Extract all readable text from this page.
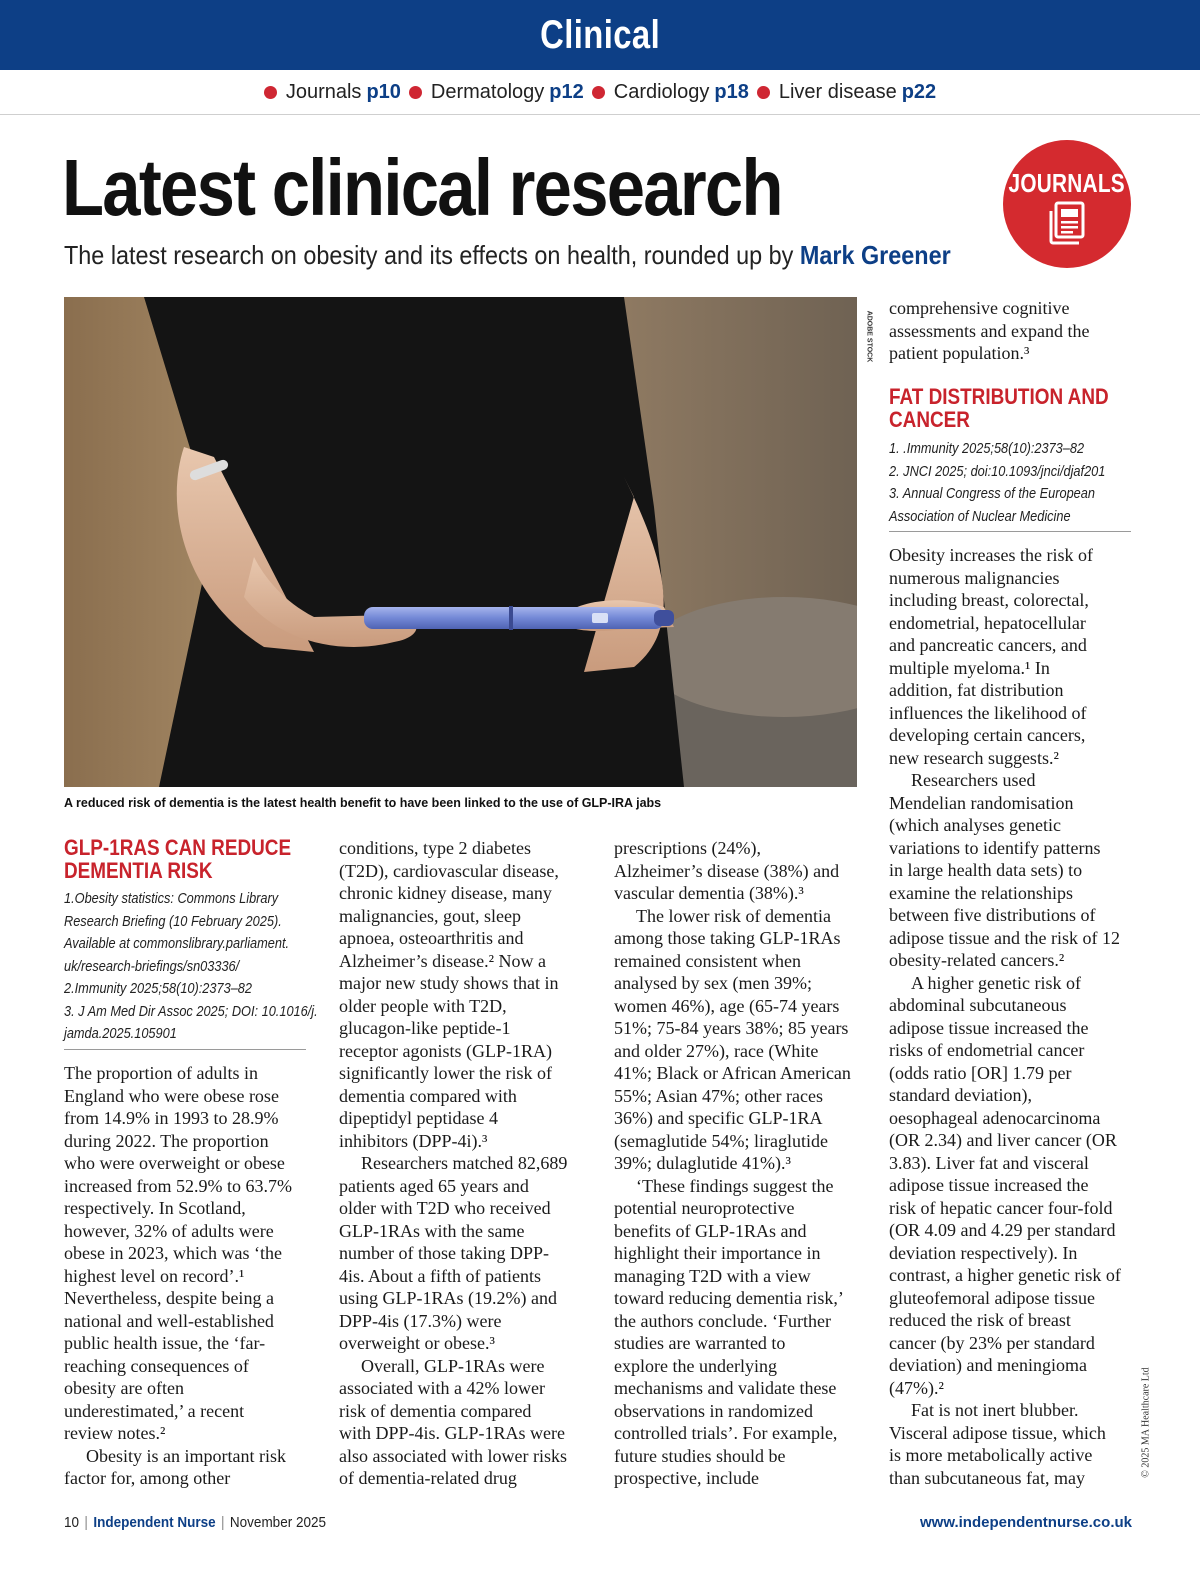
Clinical
Journals p10 Dermatology p12 Cardiology p18 Liver disease p22
Latest clinical research
The latest research on obesity and its effects on health, rounded up by Mark Greener
JOURNALS
ADOBE STOCK
A reduced risk of dementia is the latest health benefit to have been linked to the use of GLP-IRA jabs
GLP-1RAS CAN REDUCE
DEMENTIA RISK
1.Obesity statistics: Commons Library
Research Briefing (10 February 2025).
Available at commonslibrary.parliament.
uk/research-briefings/sn03336/
2.Immunity 2025;58(10):2373–82
3. J Am Med Dir Assoc 2025; DOI: 10.1016/j.
jamda.2025.105901

The proportion of adults in

England who were obese rose

from 14.9% in 1993 to 28.9%

during 2022. The proportion

who were overweight or obese

increased from 52.9% to 63.7%

respectively. In Scotland,

however, 32% of adults were

obese in 2023, which was ‘the

highest level on record’.¹

Nevertheless, despite being a

national and well-established

public health issue, the ‘far-

reaching consequences of

obesity are often

underestimated,’ a recent

review notes.²

Obesity is an important risk

factor for, among other

conditions, type 2 diabetes

(T2D), cardiovascular disease,

chronic kidney disease, many

malignancies, gout, sleep

apnoea, osteoarthritis and

Alzheimer’s disease.² Now a

major new study shows that in

older people with T2D,

glucagon-like peptide-1

receptor agonists (GLP-1RA)

significantly lower the risk of

dementia compared with

dipeptidyl peptidase 4

inhibitors (DPP-4i).³

Researchers matched 82,689

patients aged 65 years and

older with T2D who received

GLP-1RAs with the same

number of those taking DPP-

4is. About a fifth of patients

using GLP-1RAs (19.2%) and

DPP-4is (17.3%) were

overweight or obese.³

Overall, GLP-1RAs were

associated with a 42% lower

risk of dementia compared

with DPP-4is. GLP-1RAs were

also associated with lower risks

of dementia-related drug

prescriptions (24%),

Alzheimer’s disease (38%) and

vascular dementia (38%).³

The lower risk of dementia

among those taking GLP-1RAs

remained consistent when

analysed by sex (men 39%;

women 46%), age (65-74 years

51%; 75-84 years 38%; 85 years

and older 27%), race (White

41%; Black or African American

55%; Asian 47%; other races

36%) and specific GLP-1RA

(semaglutide 54%; liraglutide

39%; dulaglutide 41%).³

‘These findings suggest the

potential neuroprotective

benefits of GLP-1RAs and

highlight their importance in

managing T2D with a view

toward reducing dementia risk,’

the authors conclude. ‘Further

studies are warranted to

explore the underlying

mechanisms and validate these

observations in randomized

controlled trials’. For example,

future studies should be

prospective, include

comprehensive cognitive

assessments and expand the

patient population.³

FAT DISTRIBUTION AND
CANCER
1. .Immunity 2025;58(10):2373–82
2. JNCI 2025; doi:10.1093/jnci/djaf201
3. Annual Congress of the European
Association of Nuclear Medicine

Obesity increases the risk of

numerous malignancies

including breast, colorectal,

endometrial, hepatocellular

and pancreatic cancers, and

multiple myeloma.¹ In

addition, fat distribution

influences the likelihood of

developing certain cancers,

new research suggests.²

Researchers used

Mendelian randomisation

(which analyses genetic

variations to identify patterns

in large health data sets) to

examine the relationships

between five distributions of

adipose tissue and the risk of 12

obesity-related cancers.²

A higher genetic risk of

abdominal subcutaneous

adipose tissue increased the

risks of endometrial cancer

(odds ratio [OR] 1.79 per

standard deviation),

oesophageal adenocarcinoma

(OR 2.34) and liver cancer (OR

3.83). Liver fat and visceral

adipose tissue increased the

risk of hepatic cancer four-fold

(OR 4.09 and 4.29 per standard

deviation respectively). In

contrast, a higher genetic risk of

gluteofemoral adipose tissue

reduced the risk of breast

cancer (by 23% per standard

deviation) and meningioma

(47%).²

Fat is not inert blubber.

Visceral adipose tissue, which

is more metabolically active

than subcutaneous fat, may	© 2025 MA Healthcare Ltd
10 | Independent Nurse | November 2025	www.independentnurse.co.uk
